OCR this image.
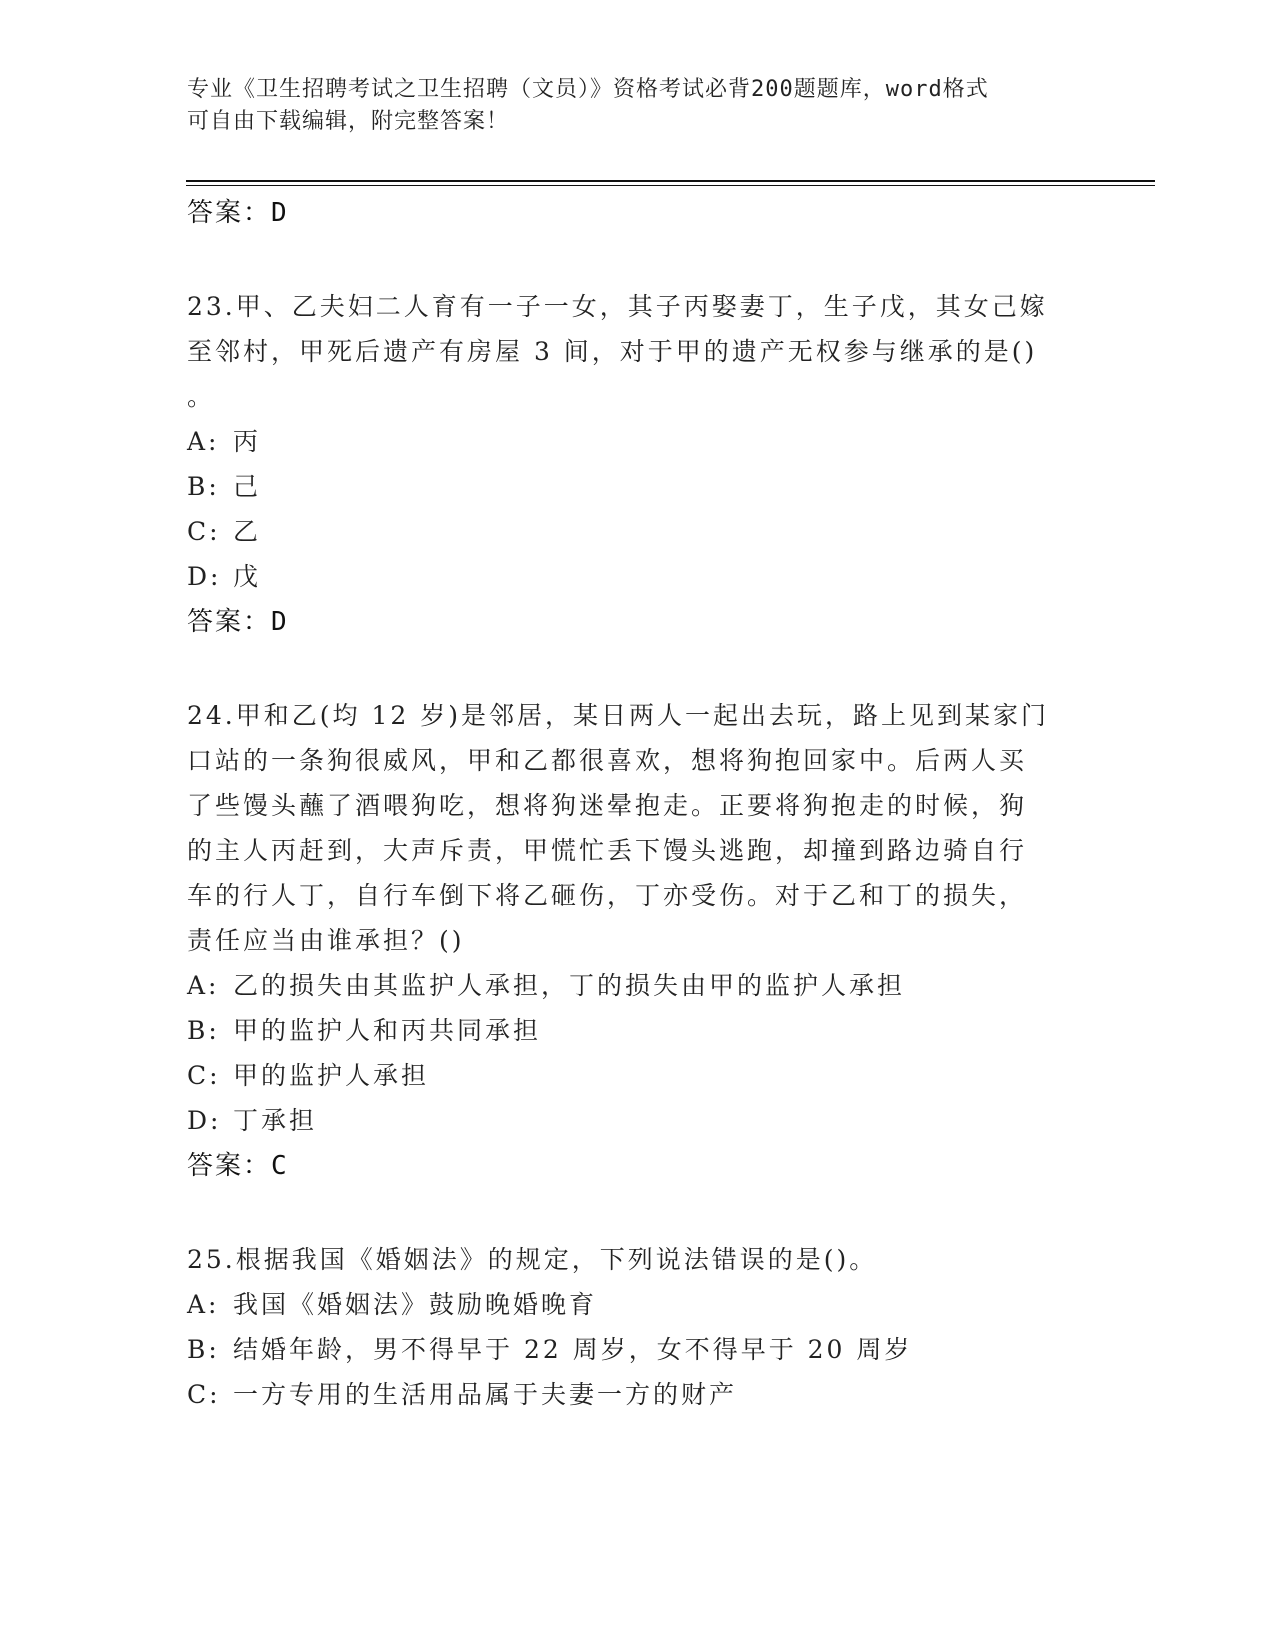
专业《卫生招聘考试之卫生招聘（文员）》资格考试必背200题题库，word格式
可自由下载编辑，附完整答案！
答案：D
23.甲、乙夫妇二人育有一子一女，其子丙娶妻丁，生子戊，其女己嫁
至邻村，甲死后遗产有房屋 3 间，对于甲的遗产无权参与继承的是()
。
A: 丙
B: 己
C: 乙
D: 戊
答案：D
24.甲和乙(均 12 岁)是邻居，某日两人一起出去玩，路上见到某家门
口站的一条狗很威风，甲和乙都很喜欢，想将狗抱回家中。后两人买
了些馒头蘸了酒喂狗吃，想将狗迷晕抱走。正要将狗抱走的时候，狗
的主人丙赶到，大声斥责，甲慌忙丢下馒头逃跑，却撞到路边骑自行
车的行人丁，自行车倒下将乙砸伤，丁亦受伤。对于乙和丁的损失，
责任应当由谁承担？()
A: 乙的损失由其监护人承担，丁的损失由甲的监护人承担
B: 甲的监护人和丙共同承担
C: 甲的监护人承担
D: 丁承担
答案：C
25.根据我国《婚姻法》的规定，下列说法错误的是()。
A: 我国《婚姻法》鼓励晚婚晚育
B: 结婚年龄，男不得早于 22 周岁，女不得早于 20 周岁
C: 一方专用的生活用品属于夫妻一方的财产
